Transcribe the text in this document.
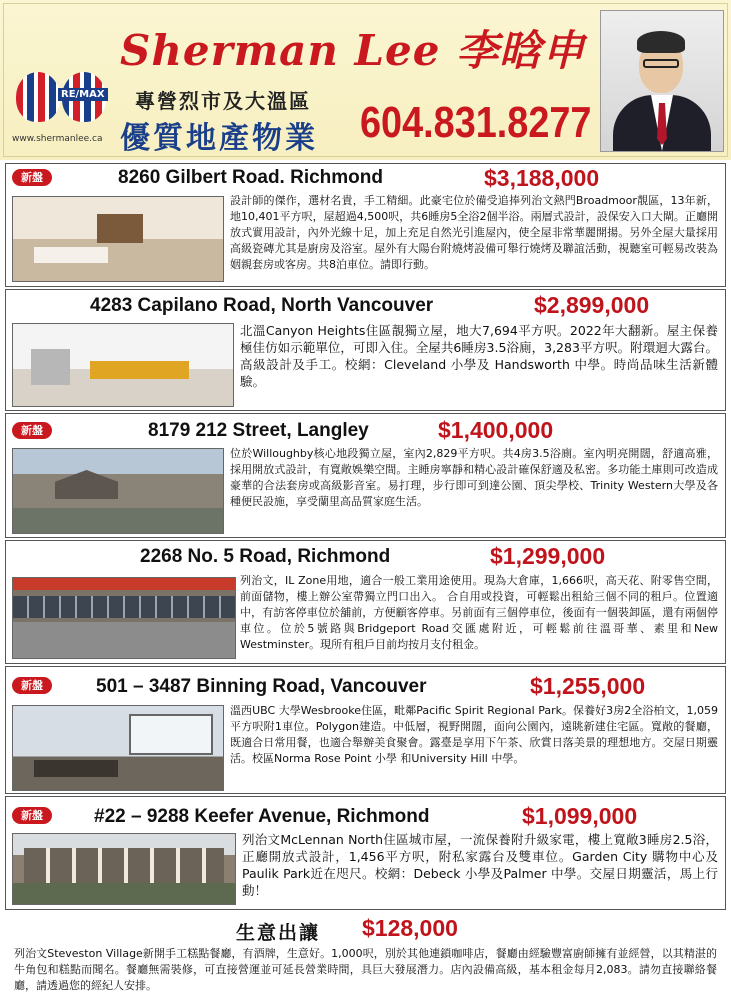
RE/MAX
www.shermanlee.ca
Sherman Lee 李晗申
專營烈市及大溫區
優質地產物業 604.831.8277
新盤	8260 Gilbert Road. Richmond	$3,188,000
設計師的傑作，選材名貴，手工精細。此豪宅位於備受追捧列治文熱門Broadmoor靚區，13年新，地10,401平方呎，屋超過4,500呎，共6睡房5全浴2個半浴。兩層式設計，設保安入口大閘。正廳開放式實用設計，內外光線十足，加上充足自然光引進屋內，使全屋非常華麗開揚。另外全屋大量採用高級瓷磚尤其是廚房及浴室。屋外有大陽台附燒烤設備可舉行燒烤及聯誼活動，視聽室可輕易改裝為姻親套房或客房。共8泊車位。請即行動。
4283 Capilano Road, North Vancouver	$2,899,000
北溫Canyon Heights住區靚獨立屋，地大7,694平方呎。2022年大翻新。屋主保養極佳仿如示範單位，可即入住。全屋共6睡房3.5浴廁，3,283平方呎。附環迴大露台。高級設計及手工。校網：Cleveland 小學及 Handsworth 中學。時尚品味生活新體驗。
新盤	8179 212 Street, Langley	$1,400,000
位於Willoughby核心地段獨立屋，室內2,829平方呎。共4房3.5浴廁。室內明亮開闊，舒適高雅，採用開放式設計，有寬敞娛樂空間。主睡房寧靜和精心設計確保舒適及私密。多功能土庫則可改造成豪華的合法套房或高級影音室。易打理，步行即可到達公園、頂尖學校、Trinity Western大學及各種便民設施，享受蘭里高品質家庭生活。
2268 No. 5 Road, Richmond	$1,299,000
列治文，IL Zone用地，適合一般工業用途使用。現為大倉庫，1,666呎，高天花、附零售空間，前面儲物，樓上辦公室帶獨立門口出入。 合自用或投資，可輕鬆出租給三個不同的租戶。位置適中，有訪客停車位於舖前，方便顧客停車。另前面有三個停車位，後面有一個裝卸區，還有兩個停車位。位於5號路與Bridgeport Road交匯處附近，可輕鬆前往溫哥華、素里和New Westminster。現所有租戶目前均按月支付租金。
新盤	501 – 3487 Binning Road, Vancouver	$1,255,000
溫西UBC 大學Wesbrooke住區，毗鄰Pacific Spirit Regional Park。保養好3房2全浴柏文，1,059平方呎附1車位。Polygon建造。中低層，視野開闊，面向公園內，遠眺新建住宅區。寬敞的餐廳，既適合日常用餐，也適合舉辦美食聚會。露臺是享用下午茶、欣賞日落美景的理想地方。交屋日期靈活。校區Norma Rose Point 小學 和University Hill 中學。
新盤	#22 – 9288 Keefer Avenue, Richmond	$1,099,000
列治文McLennan North住區城市屋，一流保養附升級家電，樓上寬敞3睡房2.5浴，正廳開放式設計，1,456平方呎，附私家露台及雙車位。Garden City 購物中心及Paulik Park近在咫尺。校網：Debeck 小學及Palmer 中學。交屋日期靈活，馬上行動！
生意出讓 $128,000
列治文Steveston Village新開手工糕點餐廳，有酒牌，生意好。1,000呎，別於其他連鎖咖啡店，餐廳由經驗豐富廚師擁有並經營，以其精湛的牛角包和糕點而聞名。餐廳無需裝修，可直接營運並可延長營業時間，具巨大發展潛力。店內設備高級，基本租金每月2,083。請勿直接聯絡餐廳，請透過您的經紀人安排。
